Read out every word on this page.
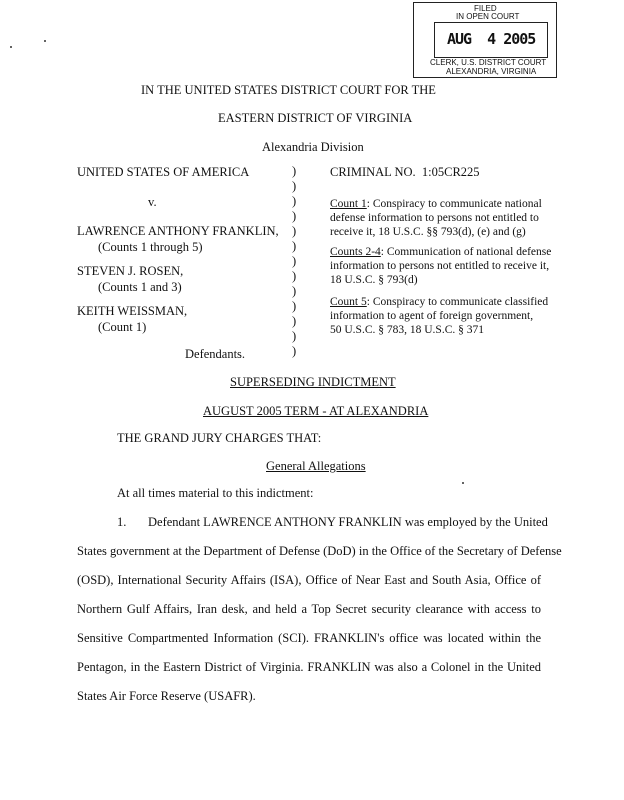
IN THE UNITED STATES DISTRICT COURT FOR THE
EASTERN DISTRICT OF VIRGINIA
Alexandria Division
FILED
IN OPEN COURT
AUG  4 2005
CLERK, U.S. DISTRICT COURT
ALEXANDRIA, VIRGINIA
UNITED STATES OF AMERICA
v.
LAWRENCE ANTHONY FRANKLIN,
(Counts 1 through 5)
STEVEN J. ROSEN,
(Counts 1 and 3)
KEITH WEISSMAN,
(Count 1)
Defendants.
)
)
)
)
)
)
)
)
)
)
)
)
)
CRIMINAL NO.  1:05CR225
Count 1: Conspiracy to communicate national
defense information to persons not entitled to
receive it, 18 U.S.C. §§ 793(d), (e) and (g)
Counts 2-4: Communication of national defense
information to persons not entitled to receive it,
18 U.S.C. § 793(d)
Count 5: Conspiracy to communicate classified
information to agent of foreign government,
50 U.S.C. § 783, 18 U.S.C. § 371
SUPERSEDING INDICTMENT
AUGUST 2005 TERM - AT ALEXANDRIA
THE GRAND JURY CHARGES THAT:
General Allegations
At all times material to this indictment:
1. Defendant LAWRENCE ANTHONY FRANKLIN was employed by the United
States government at the Department of Defense (DoD) in the Office of the Secretary of Defense
(OSD), International Security Affairs (ISA), Office of Near East and South Asia, Office of
Northern Gulf Affairs, Iran desk, and held a Top Secret security clearance with access to
Sensitive Compartmented Information (SCI). FRANKLIN's office was located within the
Pentagon, in the Eastern District of Virginia. FRANKLIN was also a Colonel in the United
States Air Force Reserve (USAFR).
